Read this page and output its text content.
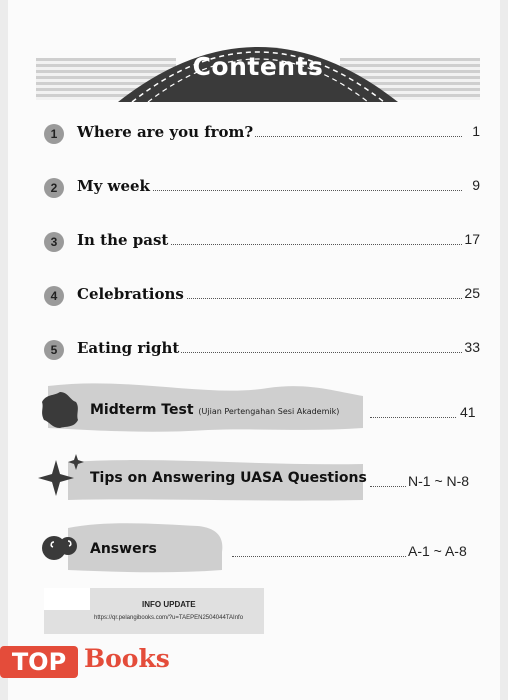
Contents
1	Where are you from?	1
2	My week	9
3	In the past	17
4	Celebrations	25
5	Eating right	33
Midterm Test (Ujian Pertengahan Sesi Akademik)	41
Tips on Answering UASA Questions	N-1 ~ N-8
Answers	A-1 ~ A-8
INFO UPDATE
https://qr.pelangibooks.com/?u=TAEPEN2504044TAInfo
TOP Books
